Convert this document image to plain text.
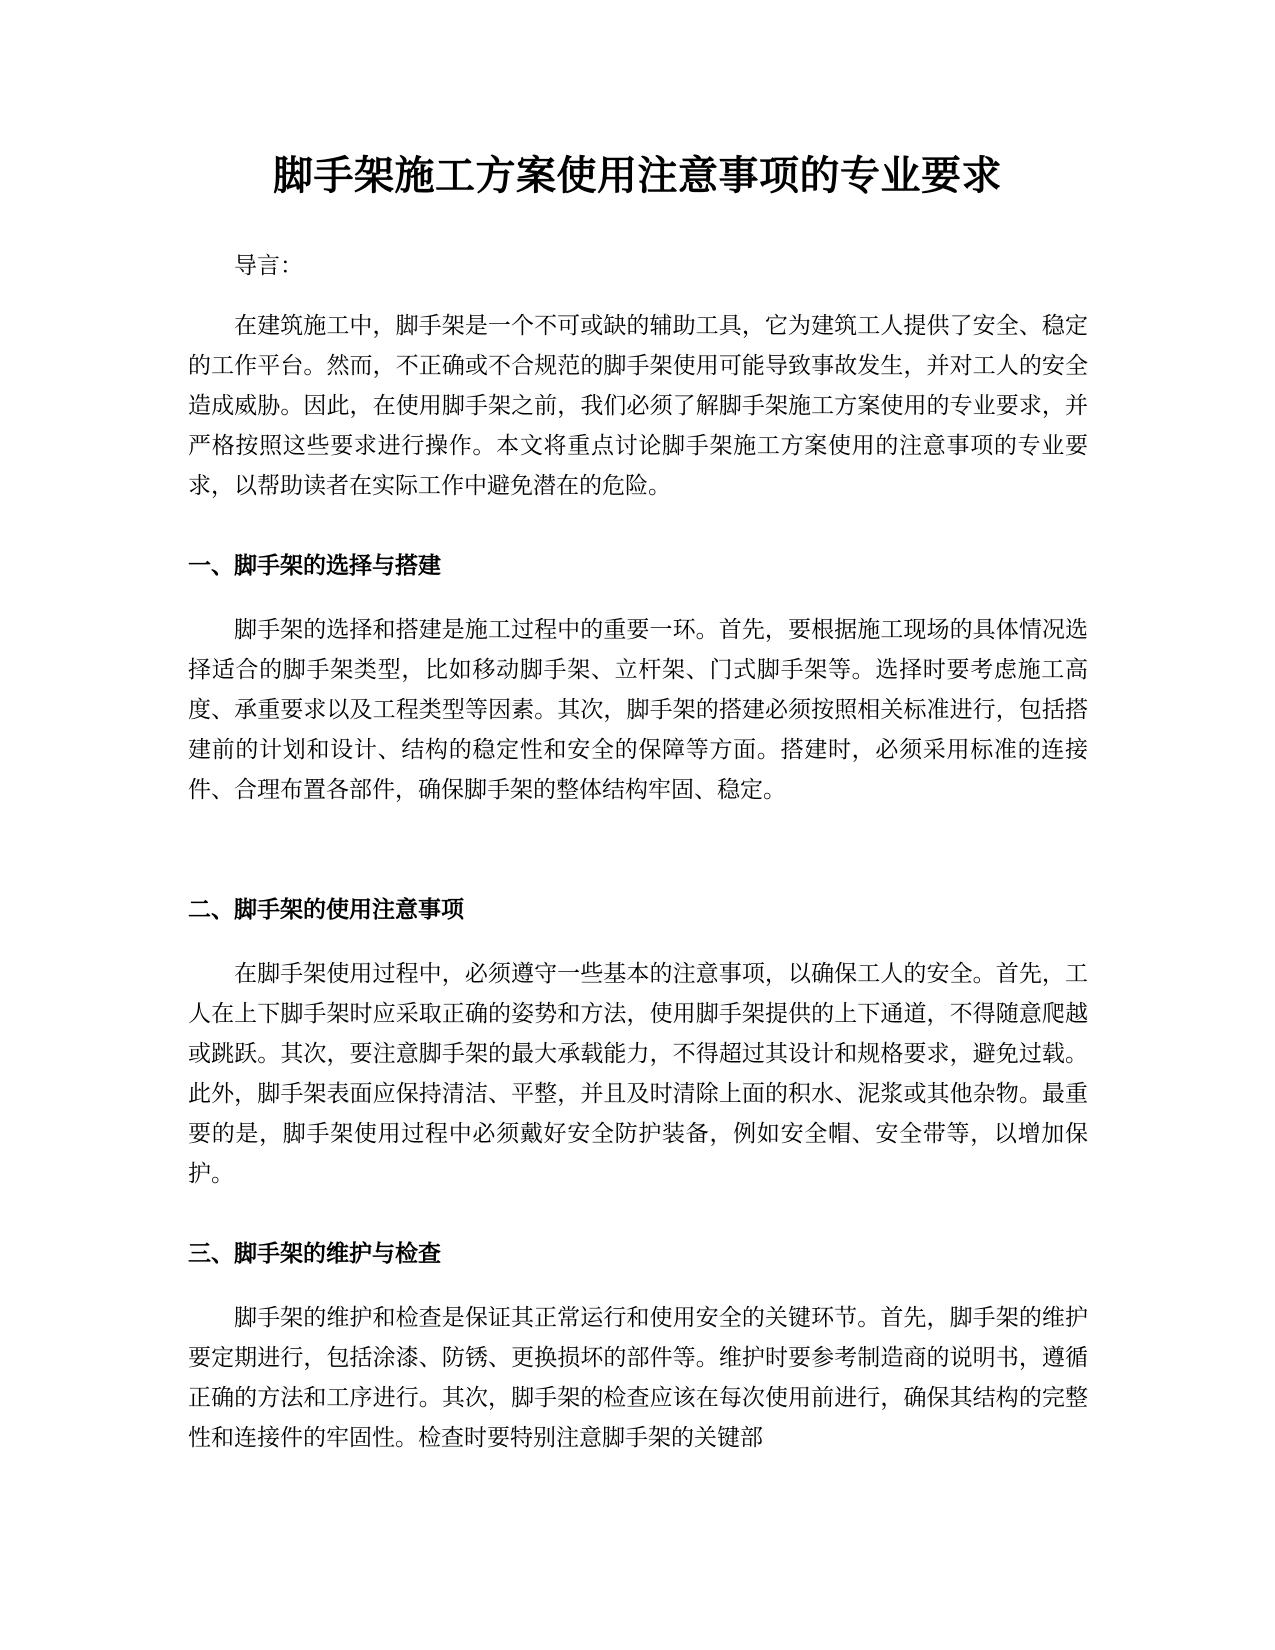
脚手架施工方案使用注意事项的专业要求

导言：

在建筑施工中，脚手架是一个不可或缺的辅助工具，它为建筑工人提供了安全、稳定的工作平台。然而，不正确或不合规范的脚手架使用可能导致事故发生，并对工人的安全造成威胁。因此，在使用脚手架之前，我们必须了解脚手架施工方案使用的专业要求，并严格按照这些要求进行操作。本文将重点讨论脚手架施工方案使用的注意事项的专业要求，以帮助读者在实际工作中避免潜在的危险。

一、脚手架的选择与搭建

脚手架的选择和搭建是施工过程中的重要一环。首先，要根据施工现场的具体情况选择适合的脚手架类型，比如移动脚手架、立杆架、门式脚手架等。选择时要考虑施工高度、承重要求以及工程类型等因素。其次，脚手架的搭建必须按照相关标准进行，包括搭建前的计划和设计、结构的稳定性和安全的保障等方面。搭建时，必须采用标准的连接件、合理布置各部件，确保脚手架的整体结构牢固、稳定。

二、脚手架的使用注意事项

在脚手架使用过程中，必须遵守一些基本的注意事项，以确保工人的安全。首先，工人在上下脚手架时应采取正确的姿势和方法，使用脚手架提供的上下通道，不得随意爬越或跳跃。其次，要注意脚手架的最大承载能力，不得超过其设计和规格要求，避免过载。此外，脚手架表面应保持清洁、平整，并且及时清除上面的积水、泥浆或其他杂物。最重要的是，脚手架使用过程中必须戴好安全防护装备，例如安全帽、安全带等，以增加保护。

三、脚手架的维护与检查

脚手架的维护和检查是保证其正常运行和使用安全的关键环节。首先，脚手架的维护要定期进行，包括涂漆、防锈、更换损坏的部件等。维护时要参考制造商的说明书，遵循正确的方法和工序进行。其次，脚手架的检查应该在每次使用前进行，确保其结构的完整性和连接件的牢固性。检查时要特别注意脚手架的关键部
